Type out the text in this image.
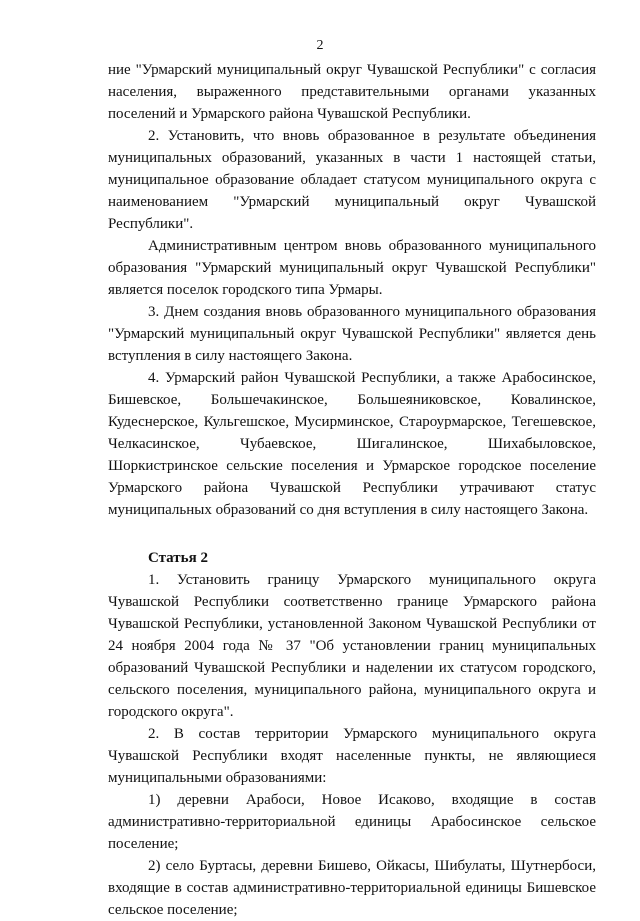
2

ние "Урмарский муниципальный округ Чувашской Республики" с согласия населения, выраженного представительными органами указанных поселений и Урмарского района Чувашской Республики.

2. Установить, что вновь образованное в результате объединения муниципальных образований, указанных в части 1 настоящей статьи, муниципальное образование обладает статусом муниципального округа с наименованием "Урмарский муниципальный округ Чувашской Республики".

Административным центром вновь образованного муниципального образования "Урмарский муниципальный округ Чувашской Республики" является поселок городского типа Урмары.

3. Днем создания вновь образованного муниципального образования "Урмарский муниципальный округ Чувашской Республики" является день вступления в силу настоящего Закона.

4. Урмарский район Чувашской Республики, а также Арабосинское, Бишевское, Большечакинское, Большеяниковское, Ковалинское, Кудеснерское, Кульгешское, Мусирминское, Староурмарское, Тегешевское, Челкасинское, Чубаевское, Шигалинское, Шихабыловское, Шоркистринское сельские поселения и Урмарское городское поселение Урмарского района Чувашской Республики утрачивают статус муниципальных образований со дня вступления в силу настоящего Закона.

Статья 2

1. Установить границу Урмарского муниципального округа Чувашской Республики соответственно границе Урмарского района Чувашской Республики, установленной Законом Чувашской Республики от 24 ноября 2004 года № 37 "Об установлении границ муниципальных образований Чувашской Республики и наделении их статусом городского, сельского поселения, муниципального района, муниципального округа и городского округа".

2. В состав территории Урмарского муниципального округа Чувашской Республики входят населенные пункты, не являющиеся муниципальными образованиями:

1) деревни Арабоси, Новое Исаково, входящие в состав административно-территориальной единицы Арабосинское сельское поселение;

2) село Буртасы, деревни Бишево, Ойкасы, Шибулаты, Шутнербоси, входящие в состав административно-территориальной единицы Бишевское сельское поселение;
